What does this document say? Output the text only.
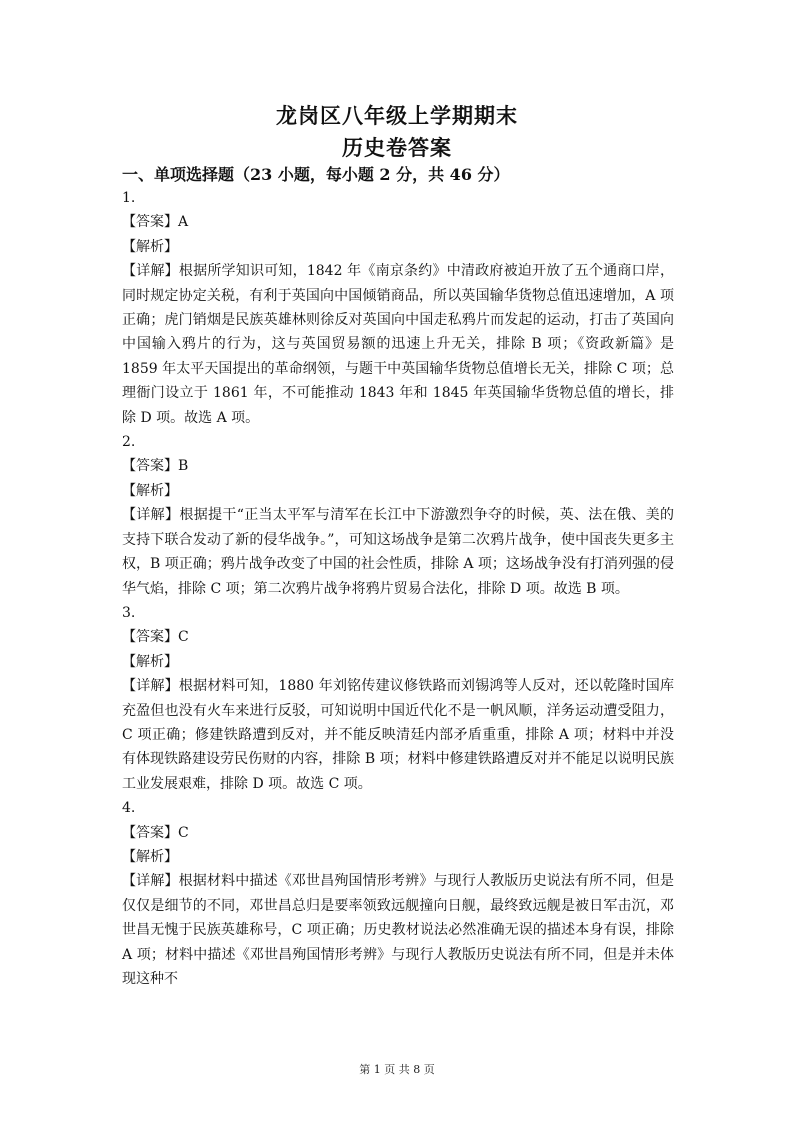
龙岗区八年级上学期期末
历史卷答案
一、单项选择题（23 小题，每小题 2 分，共 46 分）

1.

【答案】A

【解析】

【详解】根据所学知识可知，1842 年《南京条约》中清政府被迫开放了五个通商口岸，同时规定协定关税，有利于英国向中国倾销商品，所以英国输华货物总值迅速增加，A 项正确；虎门销烟是民族英雄林则徐反对英国向中国走私鸦片而发起的运动，打击了英国向中国输入鸦片的行为，这与英国贸易额的迅速上升无关，排除 B 项；《资政新篇》是 1859 年太平天国提出的革命纲领，与题干中英国输华货物总值增长无关，排除 C 项；总理衙门设立于 1861 年，不可能推动 1843 年和 1845 年英国输华货物总值的增长，排除 D 项。故选 A 项。

2.

【答案】B

【解析】

【详解】根据提干“正当太平军与清军在长江中下游激烈争夺的时候，英、法在俄、美的支持下联合发动了新的侵华战争。”，可知这场战争是第二次鸦片战争，使中国丧失更多主权，B 项正确；鸦片战争改变了中国的社会性质，排除 A 项；这场战争没有打消列强的侵华气焰，排除 C 项；第二次鸦片战争将鸦片贸易合法化，排除 D 项。故选 B 项。

3.

【答案】C

【解析】

【详解】根据材料可知，1880 年刘铭传建议修铁路而刘锡鸿等人反对，还以乾隆时国库充盈但也没有火车来进行反驳，可知说明中国近代化不是一帆风顺，洋务运动遭受阻力，C 项正确；修建铁路遭到反对，并不能反映清廷内部矛盾重重，排除 A 项；材料中并没有体现铁路建设劳民伤财的内容，排除 B 项；材料中修建铁路遭反对并不能足以说明民族工业发展艰难，排除 D 项。故选 C 项。

4.

【答案】C

【解析】

【详解】根据材料中描述《邓世昌殉国情形考辨》与现行人教版历史说法有所不同，但是仅仅是细节的不同，邓世昌总归是要率领致远舰撞向日舰，最终致远舰是被日军击沉，邓世昌无愧于民族英雄称号，C 项正确；历史教材说法必然准确无误的描述本身有误，排除 A 项；材料中描述《邓世昌殉国情形考辨》与现行人教版历史说法有所不同，但是并未体现这种不

第 1 页 共 8 页
